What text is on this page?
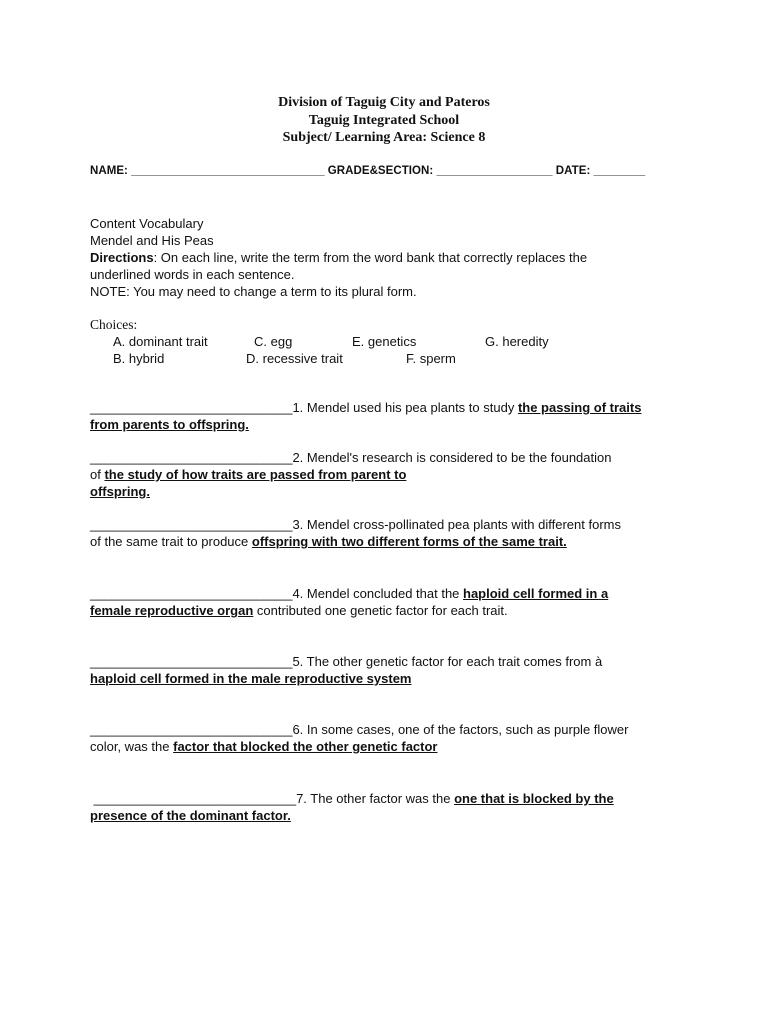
Division of Taguig City and Pateros
Taguig Integrated School
Subject/ Learning Area: Science 8
NAME: ______________________________ GRADE&SECTION: __________________ DATE: ________
Content Vocabulary
Mendel and His Peas
Directions: On each line, write the term from the word bank that correctly replaces the
underlined words in each sentence.
NOTE: You may need to change a term to its plural form.
Choices:
A. dominant trait	C. egg	E. genetics	G. heredity
B. hybrid	D. recessive trait	F. sperm
____________________________1. Mendel used his pea plants to study the passing of traits
from parents to offspring.
____________________________2. Mendel's research is considered to be the foundation
of the study of how traits are passed from parent to
offspring.
____________________________3. Mendel cross-pollinated pea plants with different forms
of the same trait to produce offspring with two different forms of the same trait.
____________________________4. Mendel concluded that the haploid cell formed in a
female reproductive organ contributed one genetic factor for each trait.
____________________________5. The other genetic factor for each trait comes from à
haploid cell formed in the male reproductive system
____________________________6. In some cases, one of the factors, such as purple flower
color, was the factor that blocked the other genetic factor
____________________________7. The other factor was the one that is blocked by the
presence of the dominant factor.
